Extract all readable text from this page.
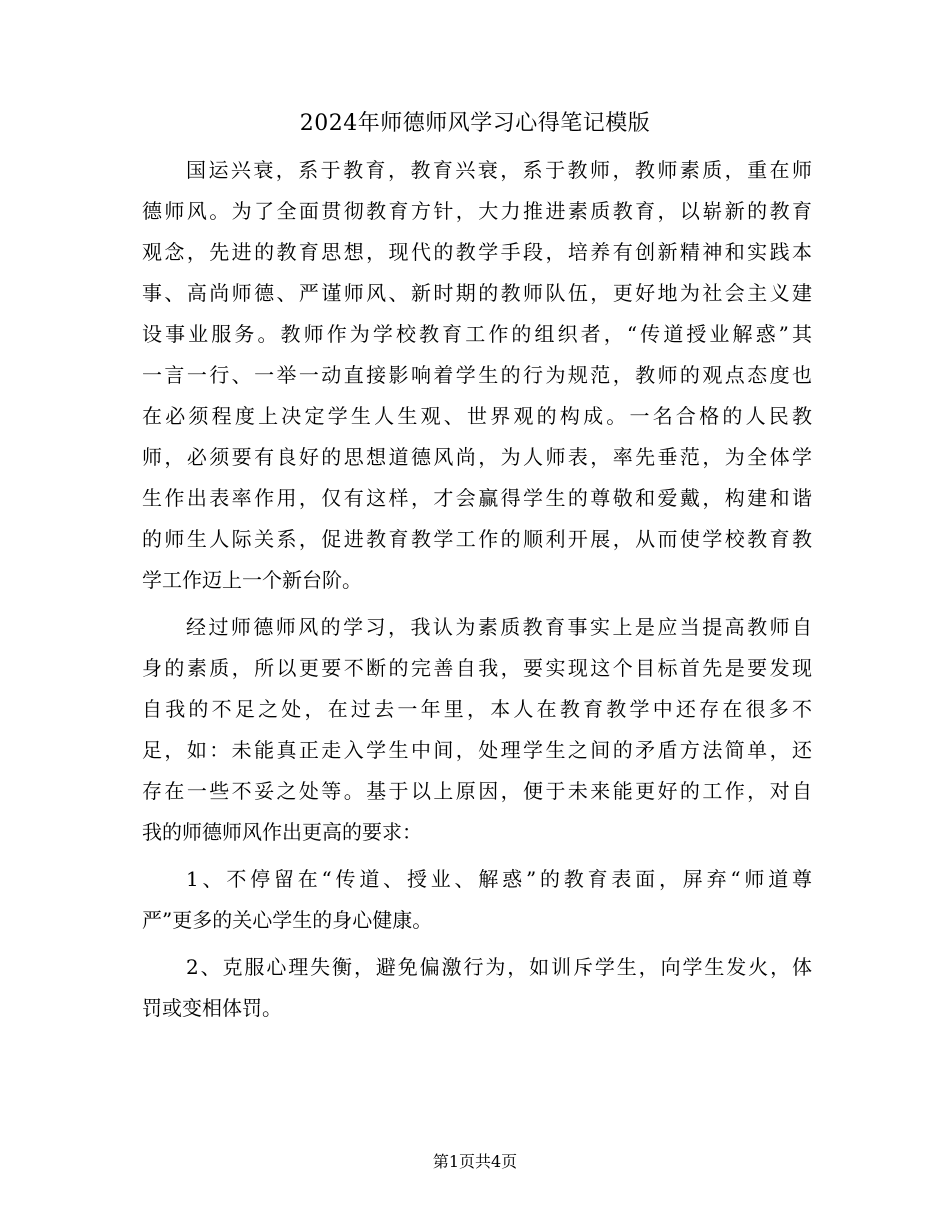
2024年师德师风学习心得笔记模版
国运兴衰，系于教育，教育兴衰，系于教师，教师素质，重在师
德师风。为了全面贯彻教育方针，大力推进素质教育，以崭新的教育
观念，先进的教育思想，现代的教学手段，培养有创新精神和实践本
事、高尚师德、严谨师风、新时期的教师队伍，更好地为社会主义建
设事业服务。教师作为学校教育工作的组织者，“传道授业解惑”其
一言一行、一举一动直接影响着学生的行为规范，教师的观点态度也
在必须程度上决定学生人生观、世界观的构成。一名合格的人民教
师，必须要有良好的思想道德风尚，为人师表，率先垂范，为全体学
生作出表率作用，仅有这样，才会赢得学生的尊敬和爱戴，构建和谐
的师生人际关系，促进教育教学工作的顺利开展，从而使学校教育教
学工作迈上一个新台阶。
经过师德师风的学习，我认为素质教育事实上是应当提高教师自
身的素质，所以更要不断的完善自我，要实现这个目标首先是要发现
自我的不足之处，在过去一年里，本人在教育教学中还存在很多不
足，如：未能真正走入学生中间，处理学生之间的矛盾方法简单，还
存在一些不妥之处等。基于以上原因，便于未来能更好的工作，对自
我的师德师风作出更高的要求：
1、不停留在“传道、授业、解惑”的教育表面，屏弃“师道尊
严”更多的关心学生的身心健康。
2、克服心理失衡，避免偏激行为，如训斥学生，向学生发火，体
罚或变相体罚。
第1页共4页
